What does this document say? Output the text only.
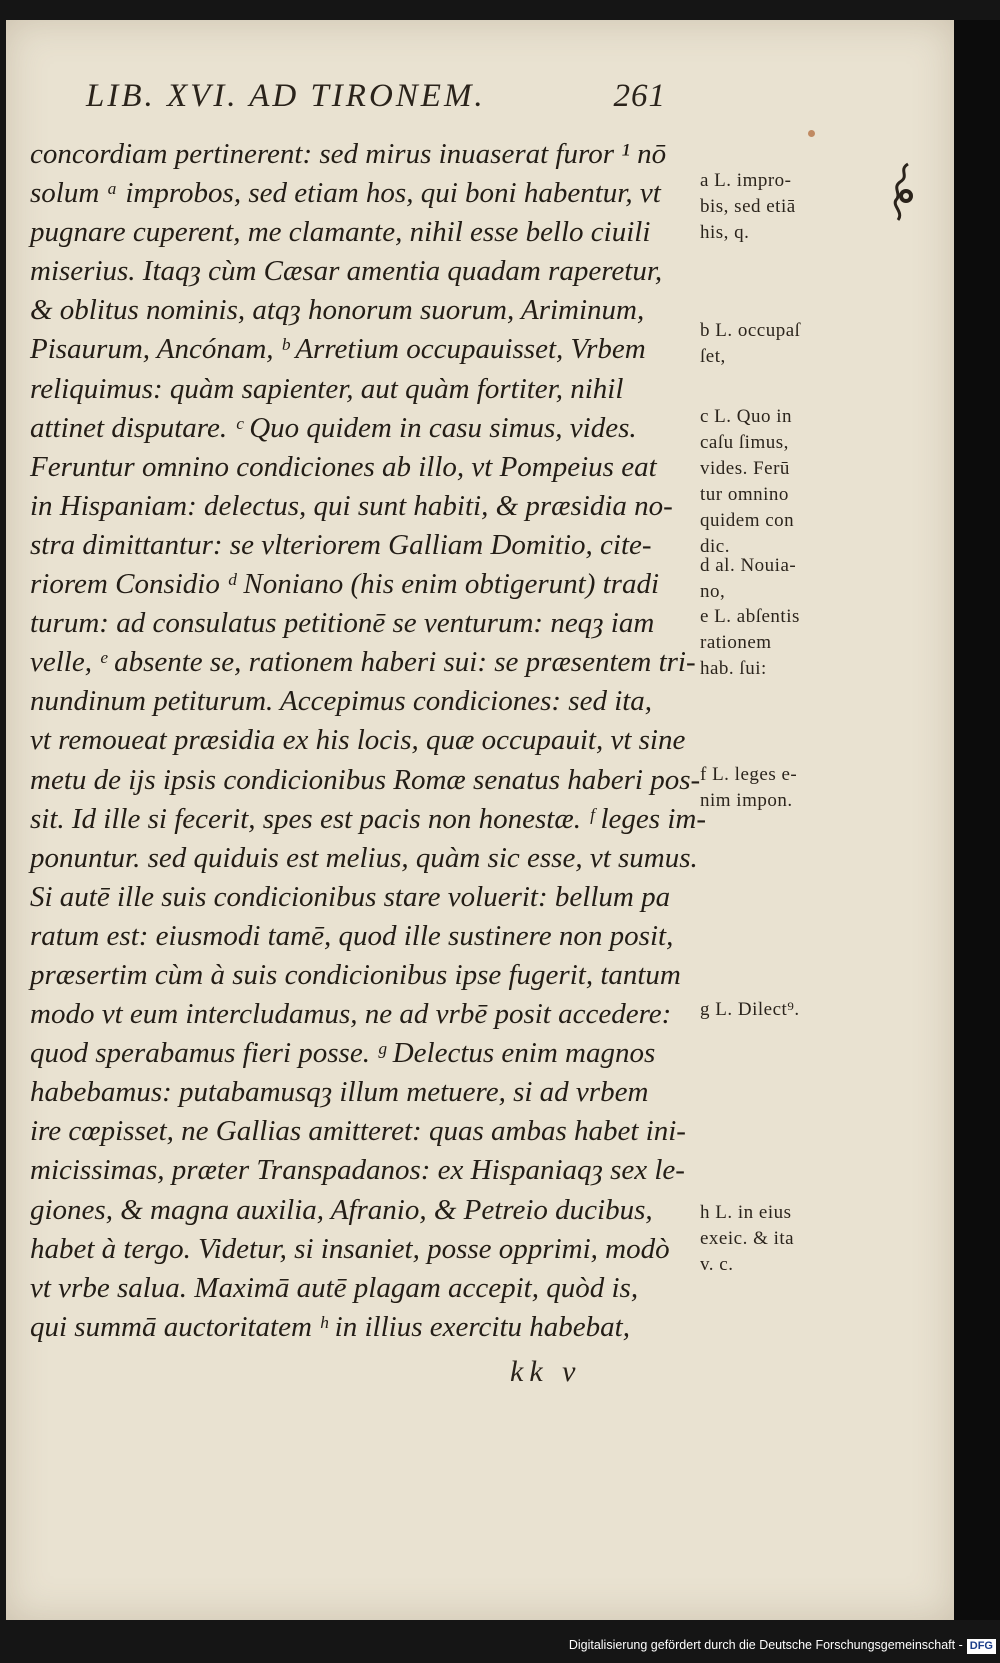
LIB. XVI. AD TIRONEM.	261
concordiam pertinerent: sed mirus inuaserat furor ¹ nō
solum ᵃ improbos, sed etiam hos, qui boni habentur, vt
pugnare cuperent, me clamante, nihil esse bello ciuili
miserius. Itaqȝ cùm Cæsar amentia quadam raperetur,
& oblitus nominis, atqȝ honorum suorum, Ariminum,
Pisaurum, Ancónam, ᵇ Arretium occupauisset, Vrbem
reliquimus: quàm sapienter, aut quàm fortiter, nihil
attinet disputare. ᶜ Quo quidem in casu simus, vides.
Feruntur omnino condiciones ab illo, vt Pompeius eat
in Hispaniam: delectus, qui sunt habiti, & præsidia no-
stra dimittantur: se vlteriorem Galliam Domitio, cite-
riorem Considio ᵈ Noniano (his enim obtigerunt) tradi
turum: ad consulatus petitionē se venturum: neqȝ iam
velle, ᵉ absente se, rationem haberi sui: se præsentem tri-
nundinum petiturum. Accepimus condiciones: sed ita,
vt remoueat præsidia ex his locis, quæ occupauit, vt sine
metu de ijs ipsis condicionibus Romæ senatus haberi pos-
sit. Id ille si fecerit, spes est pacis non honestæ. ᶠ leges im-
ponuntur. sed quiduis est melius, quàm sic esse, vt sumus.
Si autē ille suis condicionibus stare voluerit: bellum pa
ratum est: eiusmodi tamē, quod ille sustinere non posit,
præsertim cùm à suis condicionibus ipse fugerit, tantum
modo vt eum intercludamus, ne ad vrbē posit accedere:
quod sperabamus fieri posse. ᵍ Delectus enim magnos
habebamus: putabamusqȝ illum metuere, si ad vrbem
ire cœpisset, ne Gallias amitteret: quas ambas habet ini-
micissimas, præter Transpadanos: ex Hispaniaqȝ sex le-
giones, & magna auxilia, Afranio, & Petreio ducibus,
habet à tergo. Videtur, si insaniet, posse opprimi, modò
vt vrbe salua. Maximā autē plagam accepit, quòd is,
qui summā auctoritatem ʰ in illius exercitu habebat,
a L. impro-
bis, sed etiā
his, q.
b L. occupaſ
ſet,
c L. Quo in
caſu ſimus,
vides. Ferū
tur omnino
quidem con
dic.
d al. Nouia-
no,
e L. abſentis
rationem
hab. ſui:
f L. leges e-
nim impon.
g L. Dilect⁹.
h L. in eius
exeic. & ita
v. c.
kk v
Digitalisierung gefördert durch die Deutsche Forschungsgemeinschaft - DFG
